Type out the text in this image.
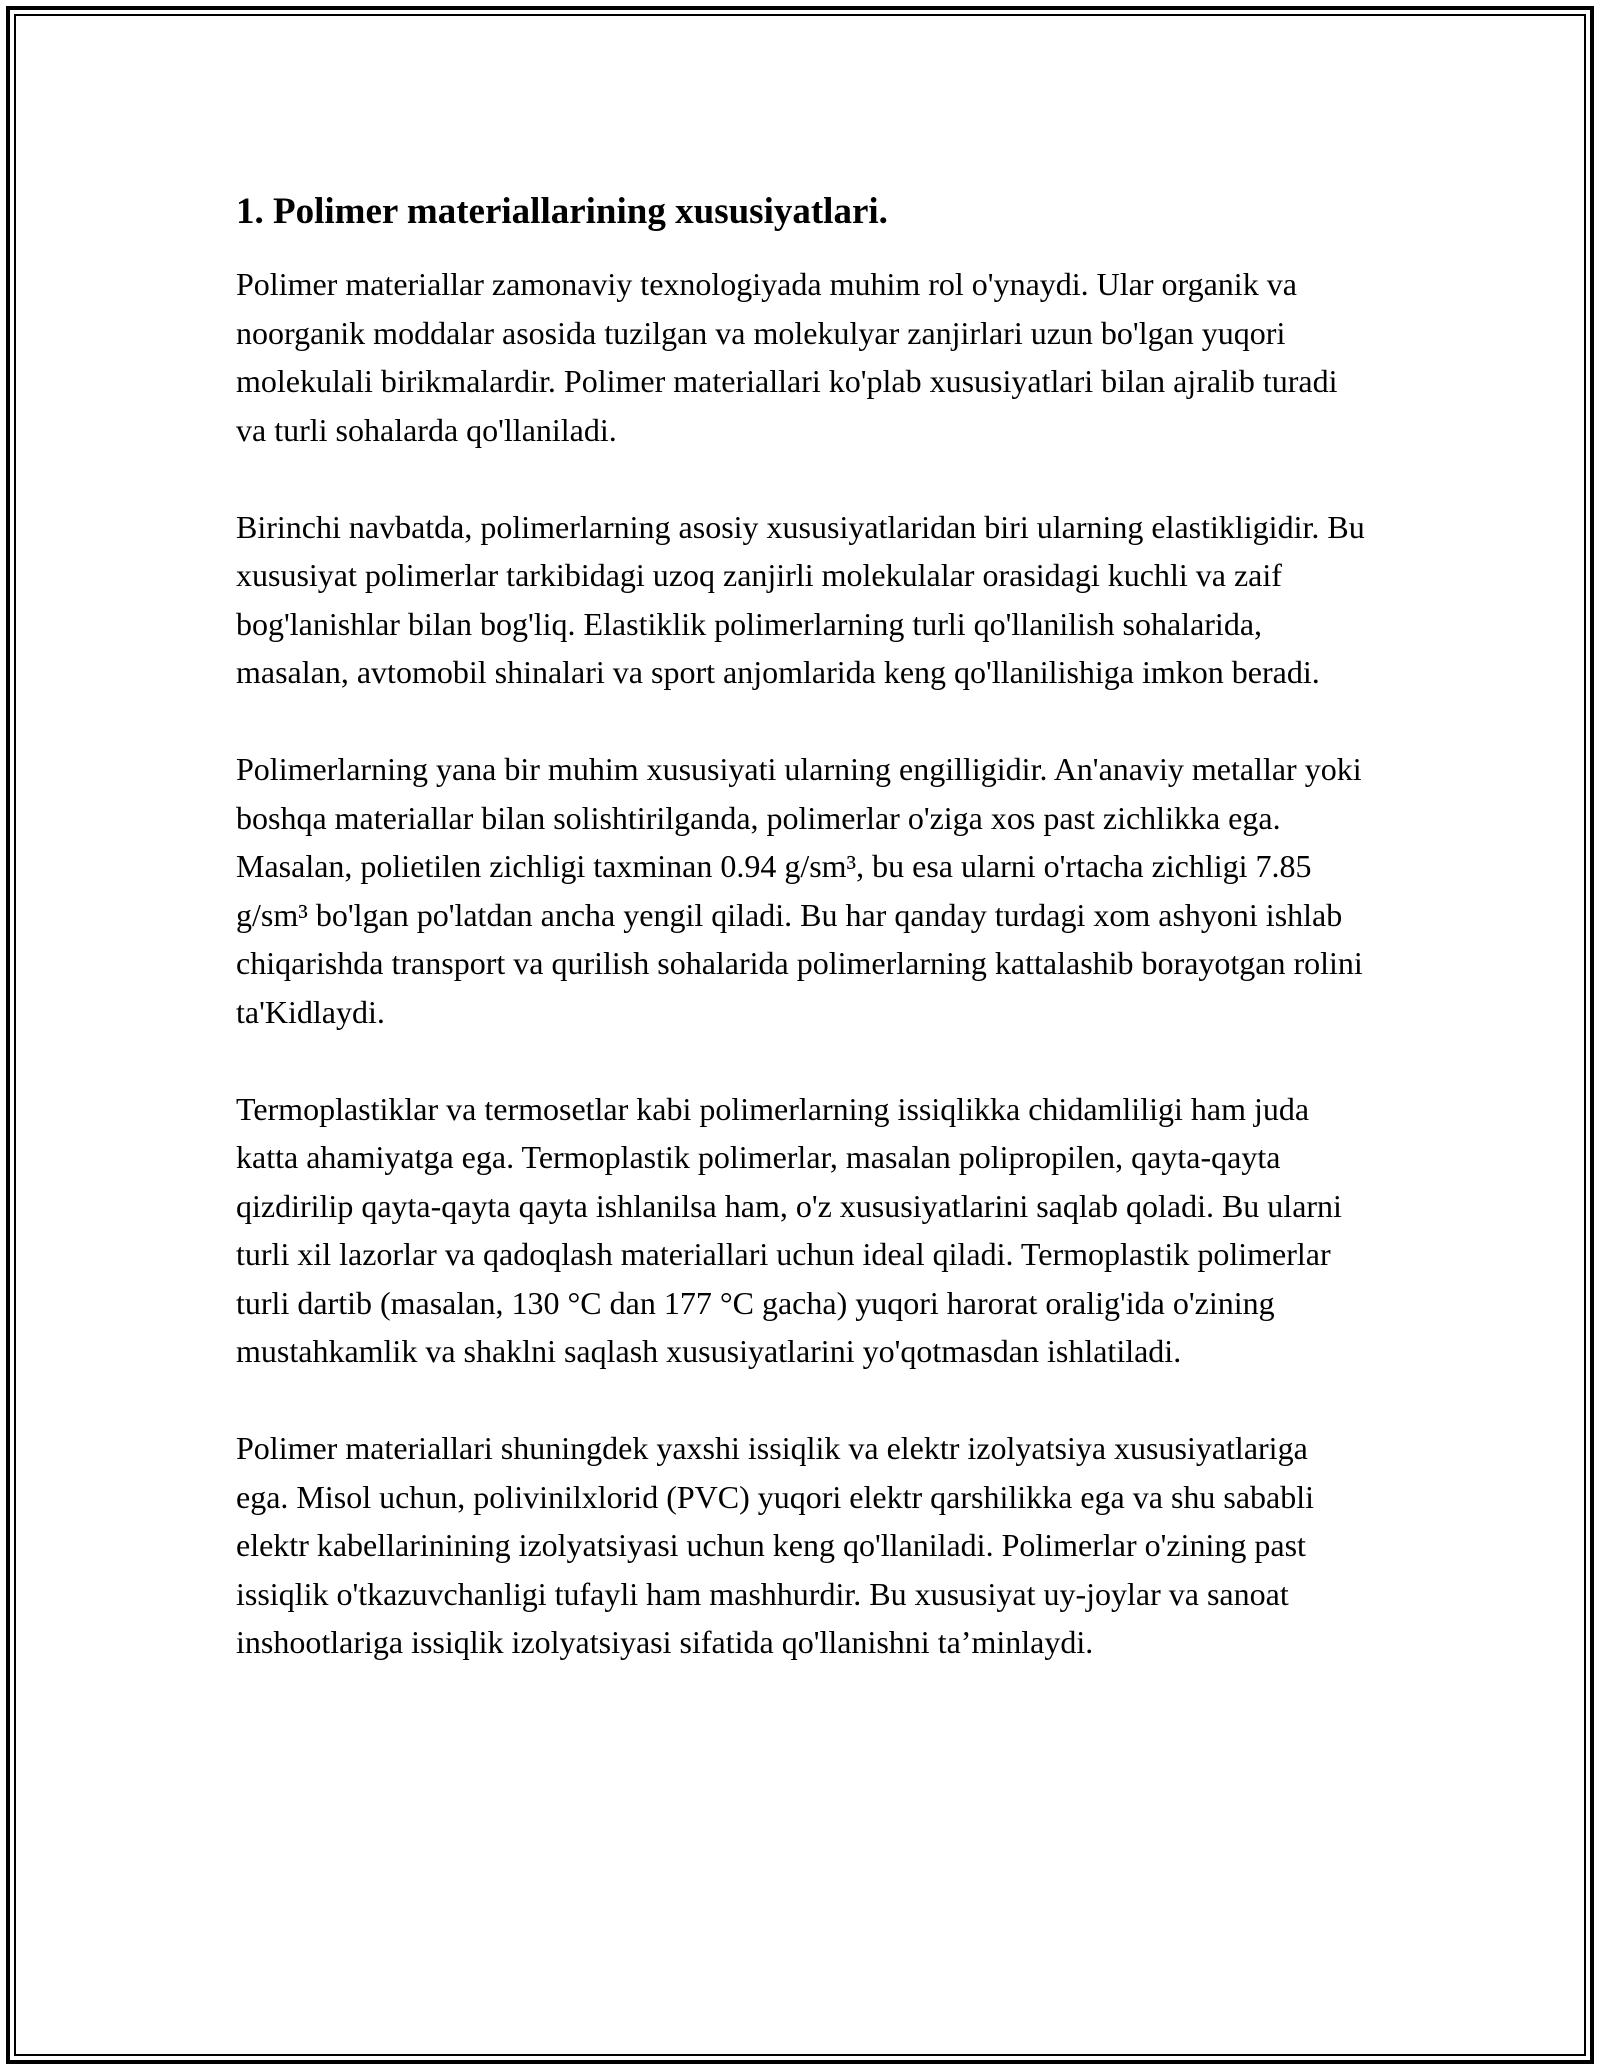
1. Polimer materiallarining xususiyatlari.

Polimer materiallar zamonaviy texnologiyada muhim rol o'ynaydi. Ular organik va noorganik moddalar asosida tuzilgan va molekulyar zanjirlari uzun bo'lgan yuqori molekulali birikmalardir. Polimer materiallari ko'plab xususiyatlari bilan ajralib turadi va turli sohalarda qo'llaniladi.

Birinchi navbatda, polimerlarning asosiy xususiyatlaridan biri ularning elastikligidir. Bu xususiyat polimerlar tarkibidagi uzoq zanjirli molekulalar orasidagi kuchli va zaif bog'lanishlar bilan bog'liq. Elastiklik polimerlarning turli qo'llanilish sohalarida, masalan, avtomobil shinalari va sport anjomlarida keng qo'llanilishiga imkon beradi.

Polimerlarning yana bir muhim xususiyati ularning engilligidir. An'anaviy metallar yoki boshqa materiallar bilan solishtirilganda, polimerlar o'ziga xos past zichlikka ega. Masalan, polietilen zichligi taxminan 0.94 g/sm³, bu esa ularni o'rtacha zichligi 7.85 g/sm³ bo'lgan po'latdan ancha yengil qiladi. Bu har qanday turdagi xom ashyoni ishlab chiqarishda transport va qurilish sohalarida polimerlarning kattalashib borayotgan rolini ta'Kidlaydi.

Termoplastiklar va termosetlar kabi polimerlarning issiqlikka chidamliligi ham juda katta ahamiyatga ega. Termoplastik polimerlar, masalan polipropilen, qayta-qayta qizdirilip qayta-qayta qayta ishlanilsa ham, o'z xususiyatlarini saqlab qoladi. Bu ularni turli xil lazorlar va qadoqlash materiallari uchun ideal qiladi. Termoplastik polimerlar turli dartib (masalan, 130 °C dan 177 °C gacha) yuqori harorat oralig'ida o'zining mustahkamlik va shaklni saqlash xususiyatlarini yo'qotmasdan ishlatiladi.

Polimer materiallari shuningdek yaxshi issiqlik va elektr izolyatsiya xususiyatlariga ega. Misol uchun, polivinilxlorid (PVC) yuqori elektr qarshilikka ega va shu sababli elektr kabellarinining izolyatsiyasi uchun keng qo'llaniladi. Polimerlar o'zining past issiqlik o'tkazuvchanligi tufayli ham mashhurdir. Bu xususiyat uy-joylar va sanoat inshootlariga issiqlik izolyatsiyasi sifatida qo'llanishni ta’minlaydi.
